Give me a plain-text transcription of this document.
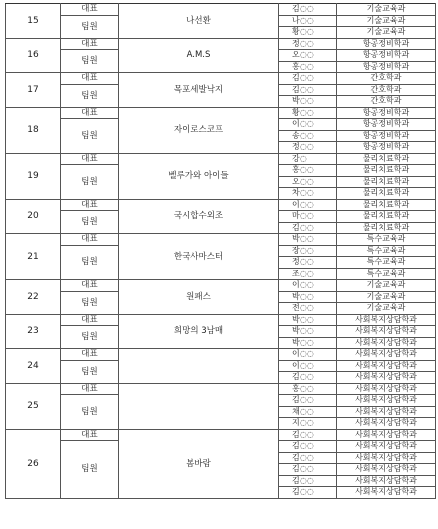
15	대표	나선환	김◌◌	기술교육과
	팀원		나◌◌	기술교육과
			황◌◌	기술교육과
16	대표	A.M.S	정◌◌	항공정비학과
	팀원		오◌◌	항공정비학과
			홍◌◌	항공정비학과
17	대표	목포세발낙지	김◌◌	간호학과
	팀원		김◌◌	간호학과
			박◌◌	간호학과
18	대표	자이로스코프	황◌◌	항공정비학과
	팀원		이◌◌	항공정비학과
			송◌◌	항공정비학과
			정◌◌	항공정비학과
19	대표	벨루가와 아이들	강◌	물리치료학과
	팀원		홍◌◌	물리치료학과
			오◌◌	물리치료학과
			차◌◌	물리치료학과
20	대표	국시합수외조	이◌◌	물리치료학과
	팀원		마◌◌	물리치료학과
			김◌◌	물리치료학과
21	대표	한국사마스터	박◌◌	특수교육과
	팀원		장◌◌	특수교육과
			정◌◌	특수교육과
			조◌◌	특수교육과
22	대표	원패스	이◌◌	기술교육과
	팀원		박◌◌	기술교육과
			전◌◌	기술교육과
23	대표	희망의 3남매	박◌◌	사회복지상담학과
	팀원		박◌◌	사회복지상담학과
			박◌◌	사회복지상담학과
24	대표		이◌◌	사회복지상담학과
	팀원		이◌◌	사회복지상담학과
			김◌◌	사회복지상담학과
25	대표		홍◌◌	사회복지상담학과
	팀원		김◌◌	사회복지상담학과
			채◌◌	사회복지상담학과
			지◌◌	사회복지상담학과
26	대표	봄바람	김◌◌	사회복지상담학과
	팀원		김◌◌	사회복지상담학과
			김◌◌	사회복지상담학과
			김◌◌	사회복지상담학과
			김◌◌	사회복지상담학과
			김◌◌	사회복지상담학과
